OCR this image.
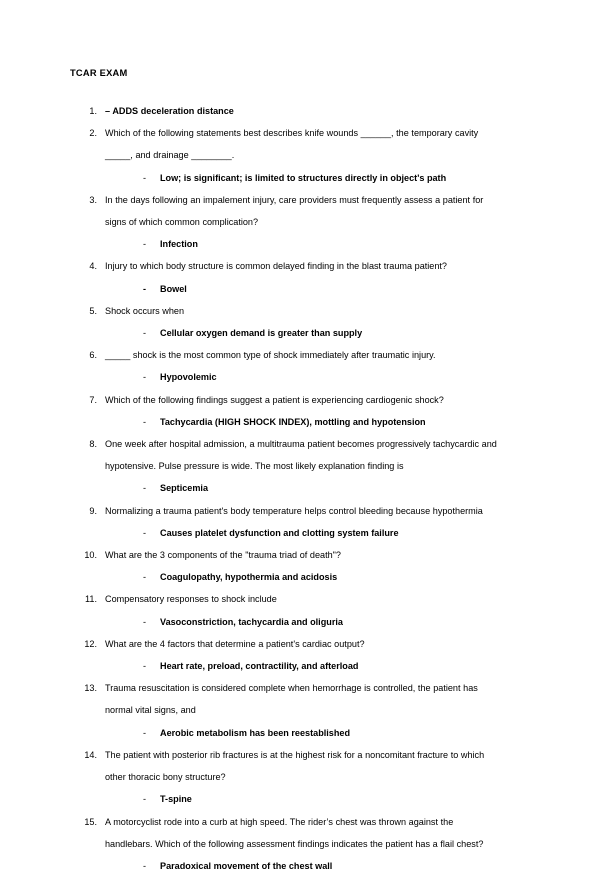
TCAR EXAM
1. – ADDS deceleration distance
2. Which of the following statements best describes knife wounds ______, the temporary cavity _____, and drainage ________.
- Low; is significant; is limited to structures directly in object's path
3. In the days following an impalement injury, care providers must frequently assess a patient for signs of which common complication?
- Infection
4. Injury to which body structure is common delayed finding in the blast trauma patient?
- Bowel
5. Shock occurs when
- Cellular oxygen demand is greater than supply
6. _____ shock is the most common type of shock immediately after traumatic injury.
- Hypovolemic
7. Which of the following findings suggest a patient is experiencing cardiogenic shock?
- Tachycardia (HIGH SHOCK INDEX), mottling and hypotension
8. One week after hospital admission, a multitrauma patient becomes progressively tachycardic and hypotensive. Pulse pressure is wide. The most likely explanation finding is
- Septicemia
9. Normalizing a trauma patient's body temperature helps control bleeding because hypothermia
- Causes platelet dysfunction and clotting system failure
10. What are the 3 components of the "trauma triad of death"?
- Coagulopathy, hypothermia and acidosis
11. Compensatory responses to shock include
- Vasoconstriction, tachycardia and oliguria
12. What are the 4 factors that determine a patient's cardiac output?
- Heart rate, preload, contractility, and afterload
13. Trauma resuscitation is considered complete when hemorrhage is controlled, the patient has normal vital signs, and
- Aerobic metabolism has been reestablished
14. The patient with posterior rib fractures is at the highest risk for a noncomitant fracture to which other thoracic bony structure?
- T-spine
15. A motorcyclist rode into a curb at high speed. The rider’s chest was thrown against the handlebars. Which of the following assessment findings indicates the patient has a flail chest?
- Paradoxical movement of the chest wall
